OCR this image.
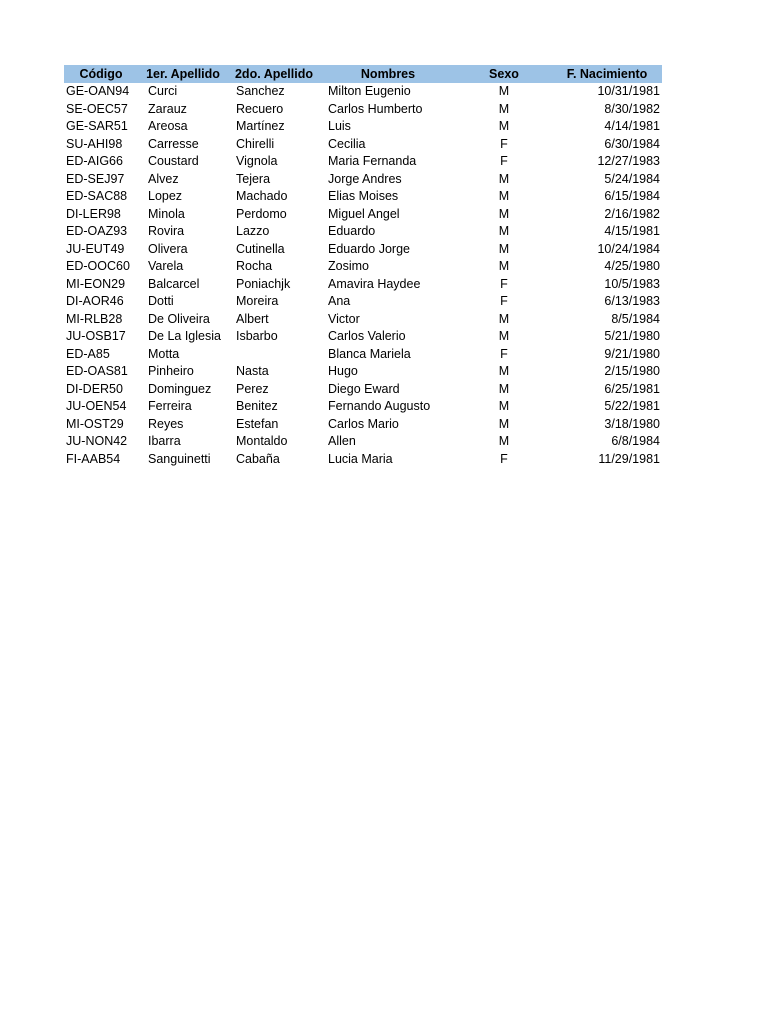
Código	1er. Apellido	2do. Apellido	Nombres	Sexo	F. Nacimiento
GE-OAN94	Curci	Sanchez	Milton Eugenio	M	10/31/1981
SE-OEC57	Zarauz	Recuero	Carlos Humberto	M	8/30/1982
GE-SAR51	Areosa	Martínez	Luis	M	4/14/1981
SU-AHI98	Carresse	Chirelli	Cecilia	F	6/30/1984
ED-AIG66	Coustard	Vignola	Maria Fernanda	F	12/27/1983
ED-SEJ97	Alvez	Tejera	Jorge Andres	M	5/24/1984
ED-SAC88	Lopez	Machado	Elias Moises	M	6/15/1984
DI-LER98	Minola	Perdomo	Miguel Angel	M	2/16/1982
ED-OAZ93	Rovira	Lazzo	Eduardo	M	4/15/1981
JU-EUT49	Olivera	Cutinella	Eduardo Jorge	M	10/24/1984
ED-OOC60	Varela	Rocha	Zosimo	M	4/25/1980
MI-EON29	Balcarcel	Poniachjk	Amavira Haydee	F	10/5/1983
DI-AOR46	Dotti	Moreira	Ana	F	6/13/1983
MI-RLB28	De Oliveira	Albert	Victor	M	8/5/1984
JU-OSB17	De La Iglesia	Isbarbo	Carlos Valerio	M	5/21/1980
ED-A85	Motta		Blanca Mariela	F	9/21/1980
ED-OAS81	Pinheiro	Nasta	Hugo	M	2/15/1980
DI-DER50	Dominguez	Perez	Diego Eward	M	6/25/1981
JU-OEN54	Ferreira	Benitez	Fernando Augusto	M	5/22/1981
MI-OST29	Reyes	Estefan	Carlos Mario	M	3/18/1980
JU-NON42	Ibarra	Montaldo	Allen	M	6/8/1984
FI-AAB54	Sanguinetti	Cabaña	Lucia Maria	F	11/29/1981
